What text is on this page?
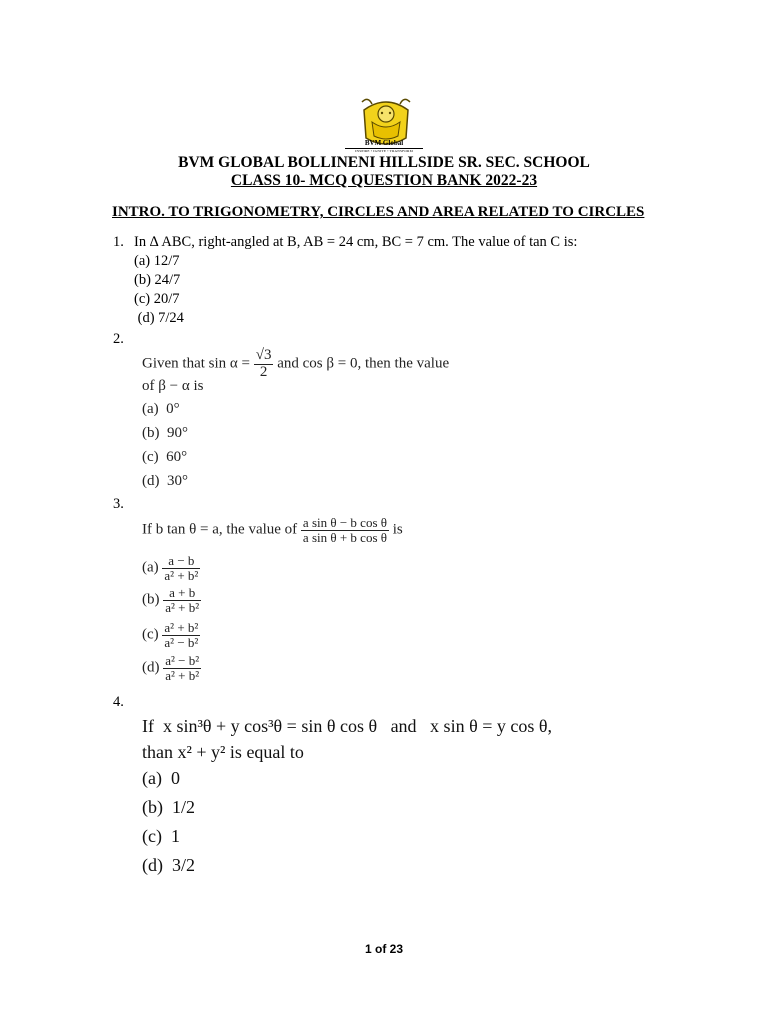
BVM Global
INSPIRE • IGNITE • TRANSFORM
BVM GLOBAL BOLLINENI HILLSIDE SR. SEC. SCHOOL
CLASS 10- MCQ QUESTION BANK 2022-23
INTRO. TO TRIGONOMETRY, CIRCLES AND AREA RELATED TO CIRCLES
1. In ∆ ABC, right-angled at B, AB = 24 cm, BC = 7 cm. The value of tan C is:
(a) 12/7
(b) 24/7
(c) 20/7
(d) 7/24
2.
Given that $\sin \alpha = \frac{√3}{2}$ and cos β = 0, then the value
of β − α is
(a)  0°
(b)  90°
(c)  60°
(d)  30°
3.
If b tan θ = a, the value of $\frac{\text{a sin θ − b cos θ}}{\text{a sin θ + b cos θ}}$ is
$(a) \frac{a - b}{\text{a² + b²}}$
$(b) \frac{a + b}{\text{a² + b²}}$
$(c) \frac{\text{a² + b²}}{\text{a² − b²}}$
$(d) \frac{\text{a² − b²}}{\text{a² + b²}}$
4.
If  x sin³θ + y cos³θ = sin θ cos θ   and   x sin θ = y cos θ,
than x² + y² is equal to
(a)  0
(b)  1/2
(c)  1
(d)  3/2
1 of 23
